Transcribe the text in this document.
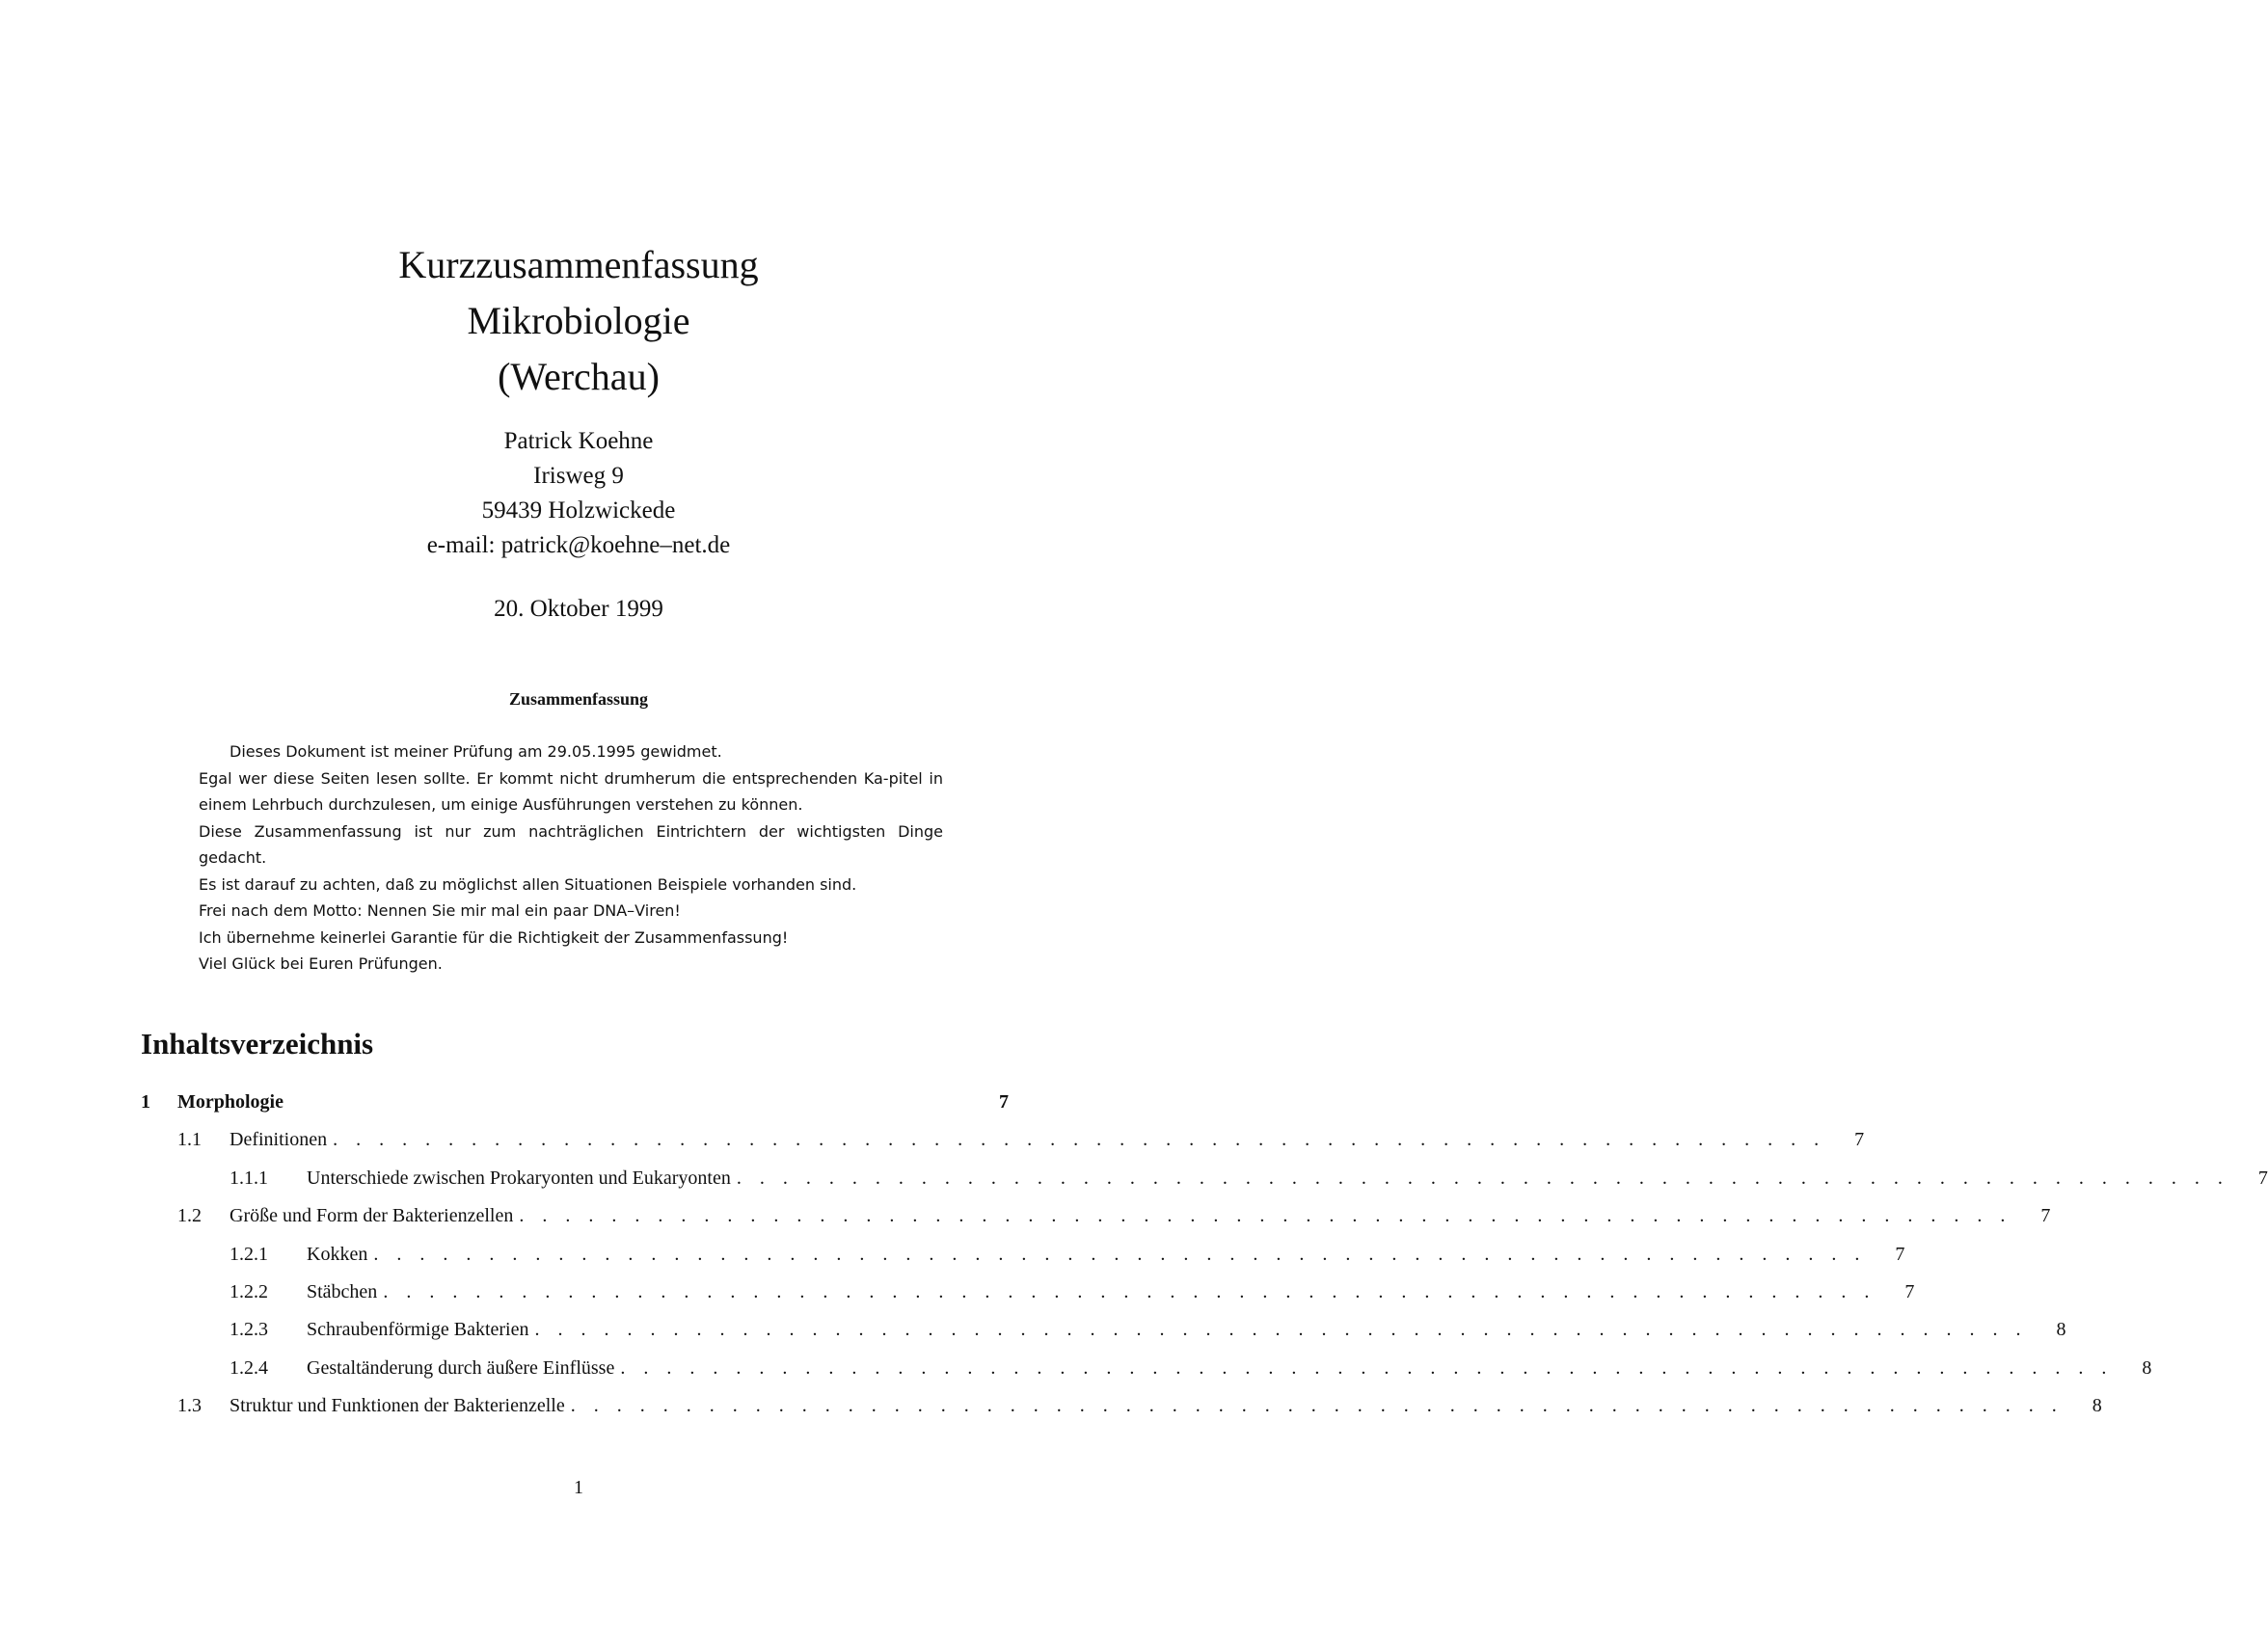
Kurzzusammenfassung
Mikrobiologie
(Werchau)
Patrick Koehne
Irisweg 9
59439 Holzwickede
e-mail: patrick@koehne–net.de
20. Oktober 1999
Zusammenfassung

Dieses Dokument ist meiner Prüfung am 29.05.1995 gewidmet.

Egal wer diese Seiten lesen sollte. Er kommt nicht drumherum die entsprechenden Ka-pitel in einem Lehrbuch durchzulesen, um einige Ausführungen verstehen zu können.

Diese Zusammenfassung ist nur zum nachträglichen Eintrichtern der wichtigsten Dinge gedacht.

Es ist darauf zu achten, daß zu möglichst allen Situationen Beispiele vorhanden sind.

Frei nach dem Motto: Nennen Sie mir mal ein paar DNA–Viren!

Ich übernehme keinerlei Garantie für die Richtigkeit der Zusammenfassung!

Viel Glück bei Euren Prüfungen.

Inhaltsverzeichnis
1	Morphologie	7
1.1	Definitionen . . . . . . . . . . . . . . . . . . . . . . . . . . . . . . . . . . . . . . . . . . . . . . . . . . . . . . . . . . . . . . . . .	7
1.1.1	Unterschiede zwischen Prokaryonten und Eukaryonten . . . . . . . . . . . . . . . . . . . . . . . . . . . . . . . . . . . . . . . . . . . . . . . . . . . . . . . . . . . . . . . . .	7
1.2	Größe und Form der Bakterienzellen . . . . . . . . . . . . . . . . . . . . . . . . . . . . . . . . . . . . . . . . . . . . . . . . . . . . . . . . . . . . . . . . .	7
1.2.1	Kokken . . . . . . . . . . . . . . . . . . . . . . . . . . . . . . . . . . . . . . . . . . . . . . . . . . . . . . . . . . . . . . . . .	7
1.2.2	Stäbchen . . . . . . . . . . . . . . . . . . . . . . . . . . . . . . . . . . . . . . . . . . . . . . . . . . . . . . . . . . . . . . . . .	7
1.2.3	Schraubenförmige Bakterien . . . . . . . . . . . . . . . . . . . . . . . . . . . . . . . . . . . . . . . . . . . . . . . . . . . . . . . . . . . . . . . . .	8
1.2.4	Gestaltänderung durch äußere Einflüsse . . . . . . . . . . . . . . . . . . . . . . . . . . . . . . . . . . . . . . . . . . . . . . . . . . . . . . . . . . . . . . . . .	8
1.3	Struktur und Funktionen der Bakterienzelle . . . . . . . . . . . . . . . . . . . . . . . . . . . . . . . . . . . . . . . . . . . . . . . . . . . . . . . . . . . . . . . . .	8
1
